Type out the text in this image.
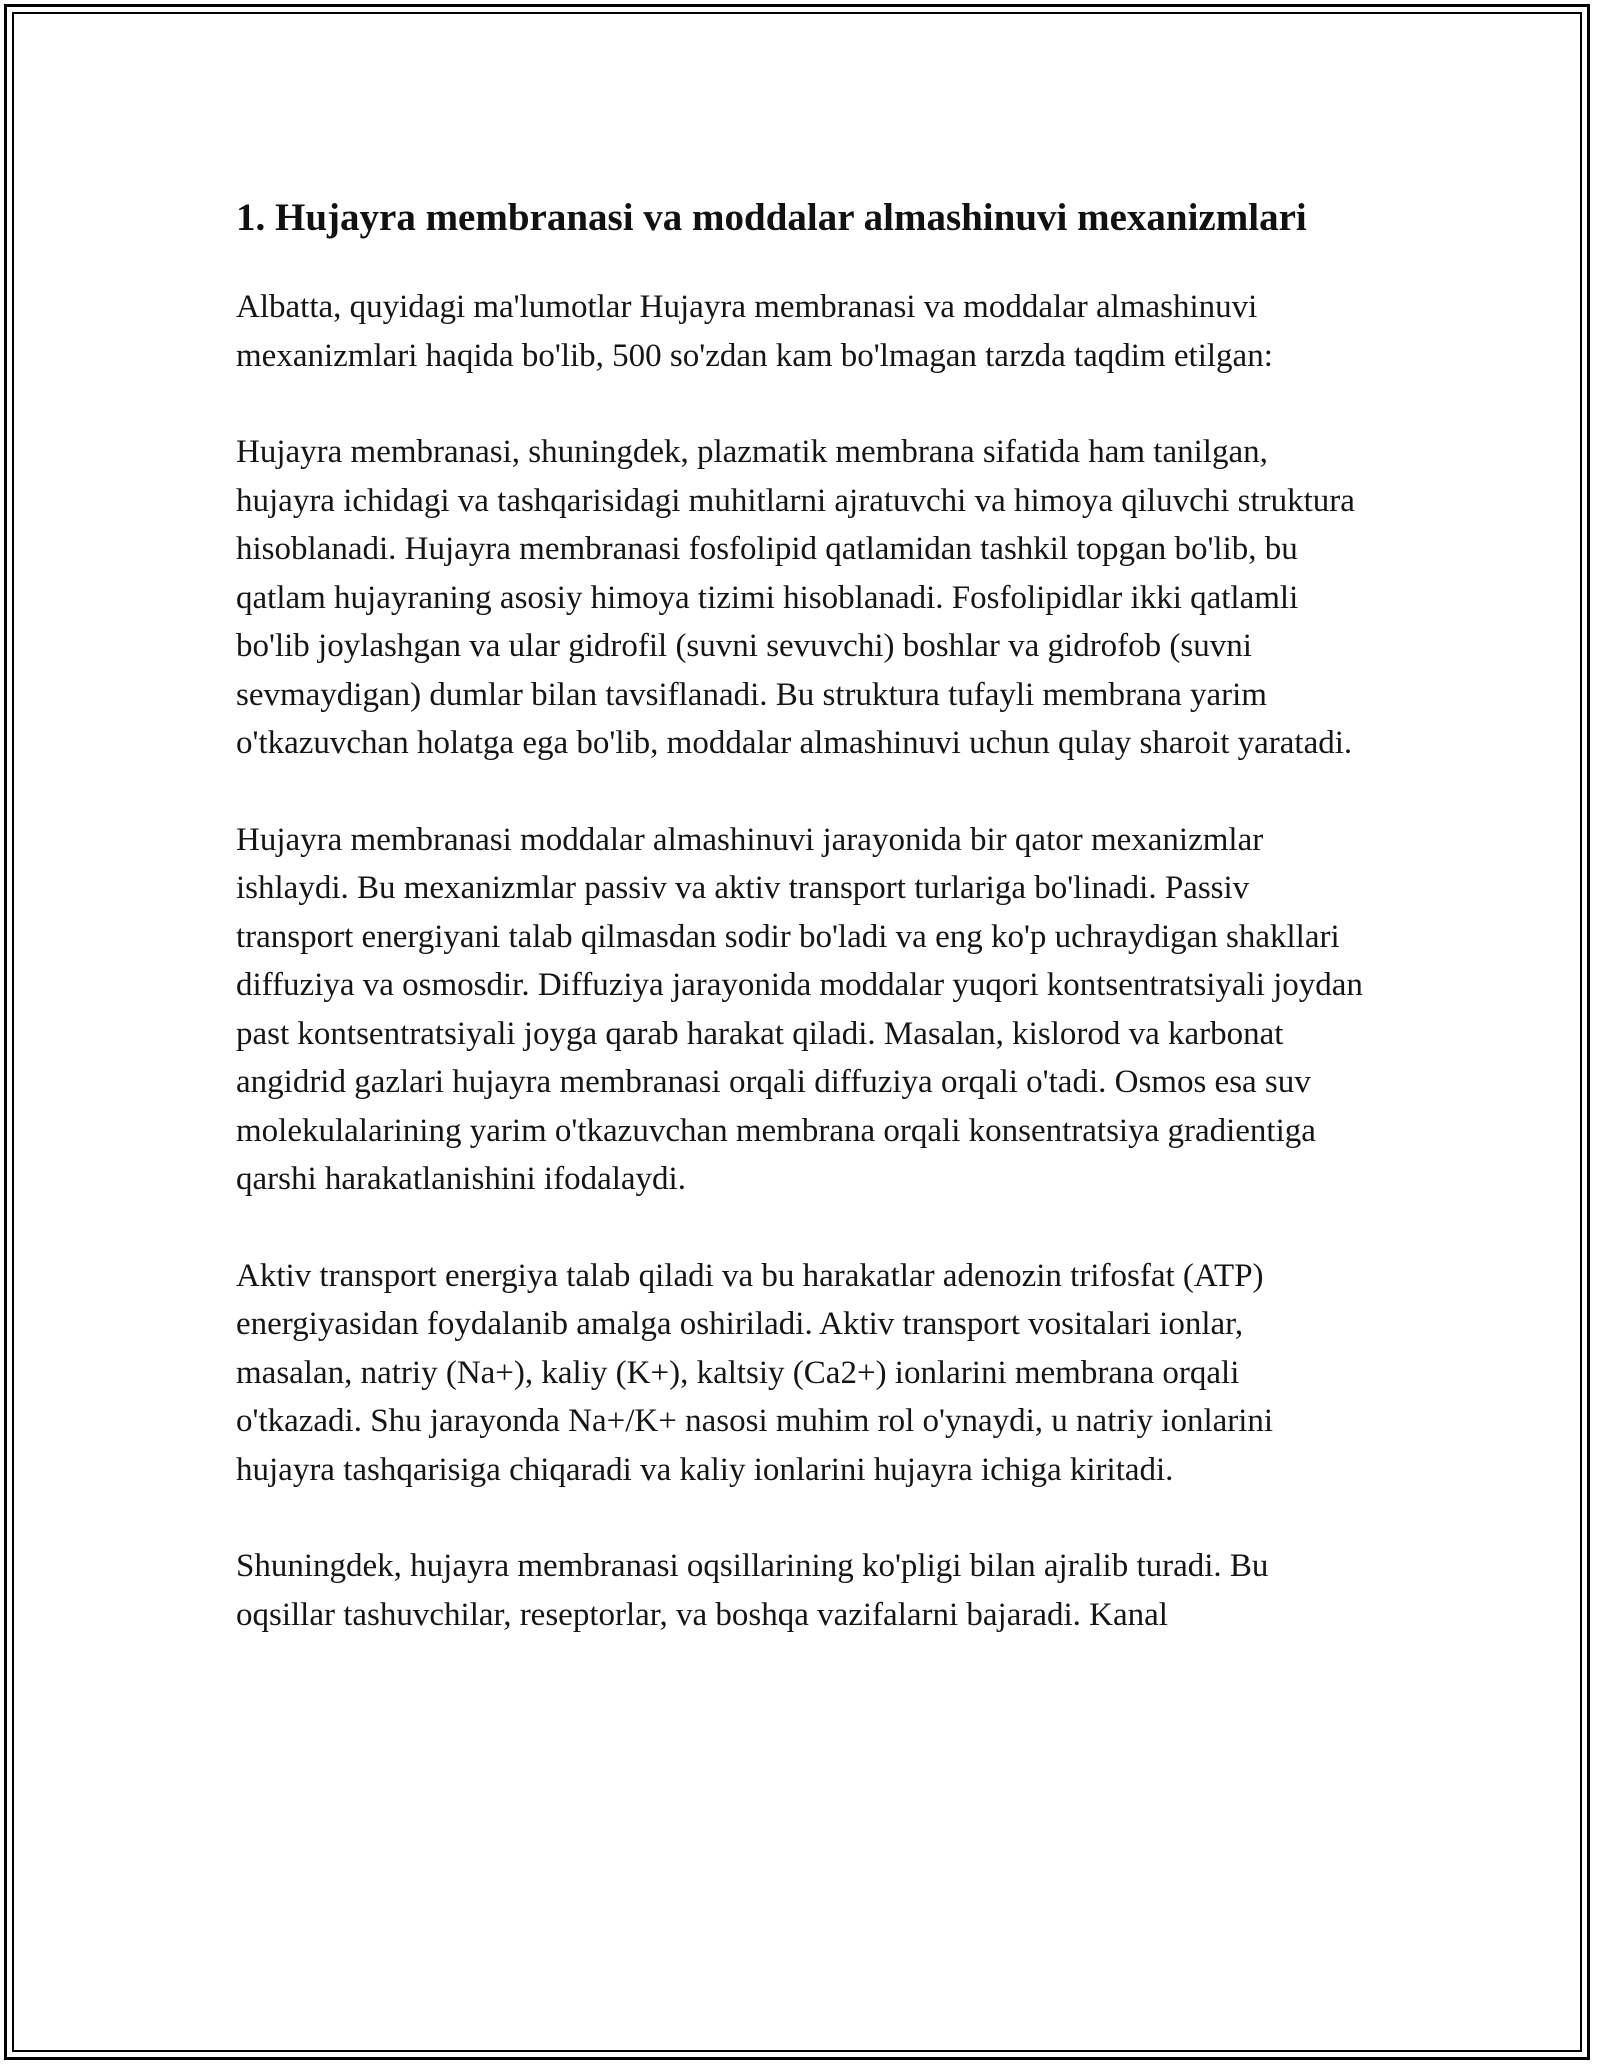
1. Hujayra membranasi va moddalar almashinuvi mexanizmlari

Albatta, quyidagi ma'lumotlar Hujayra membranasi va moddalar almashinuvi mexanizmlari haqida bo'lib, 500 so'zdan kam bo'lmagan tarzda taqdim etilgan:

Hujayra membranasi, shuningdek, plazmatik membrana sifatida ham tanilgan, hujayra ichidagi va tashqarisidagi muhitlarni ajratuvchi va himoya qiluvchi struktura hisoblanadi. Hujayra membranasi fosfolipid qatlamidan tashkil topgan bo'lib, bu qatlam hujayraning asosiy himoya tizimi hisoblanadi. Fosfolipidlar ikki qatlamli bo'lib joylashgan va ular gidrofil (suvni sevuvchi) boshlar va gidrofob (suvni sevmaydigan) dumlar bilan tavsiflanadi. Bu struktura tufayli membrana yarim o'tkazuvchan holatga ega bo'lib, moddalar almashinuvi uchun qulay sharoit yaratadi.

Hujayra membranasi moddalar almashinuvi jarayonida bir qator mexanizmlar ishlaydi. Bu mexanizmlar passiv va aktiv transport turlariga bo'linadi. Passiv transport energiyani talab qilmasdan sodir bo'ladi va eng ko'p uchraydigan shakllari diffuziya va osmosdir. Diffuziya jarayonida moddalar yuqori kontsentratsiyali joydan past kontsentratsiyali joyga qarab harakat qiladi. Masalan, kislorod va karbonat angidrid gazlari hujayra membranasi orqali diffuziya orqali o'tadi. Osmos esa suv molekulalarining yarim o'tkazuvchan membrana orqali konsentratsiya gradientiga qarshi harakatlanishini ifodalaydi.

Aktiv transport energiya talab qiladi va bu harakatlar adenozin trifosfat (ATP) energiyasidan foydalanib amalga oshiriladi. Aktiv transport vositalari ionlar, masalan, natriy (Na+), kaliy (K+), kaltsiy (Ca2+) ionlarini membrana orqali o'tkazadi. Shu jarayonda Na+/K+ nasosi muhim rol o'ynaydi, u natriy ionlarini hujayra tashqarisiga chiqaradi va kaliy ionlarini hujayra ichiga kiritadi.

Shuningdek, hujayra membranasi oqsillarining ko'pligi bilan ajralib turadi. Bu oqsillar tashuvchilar, reseptorlar, va boshqa vazifalarni bajaradi. Kanal
